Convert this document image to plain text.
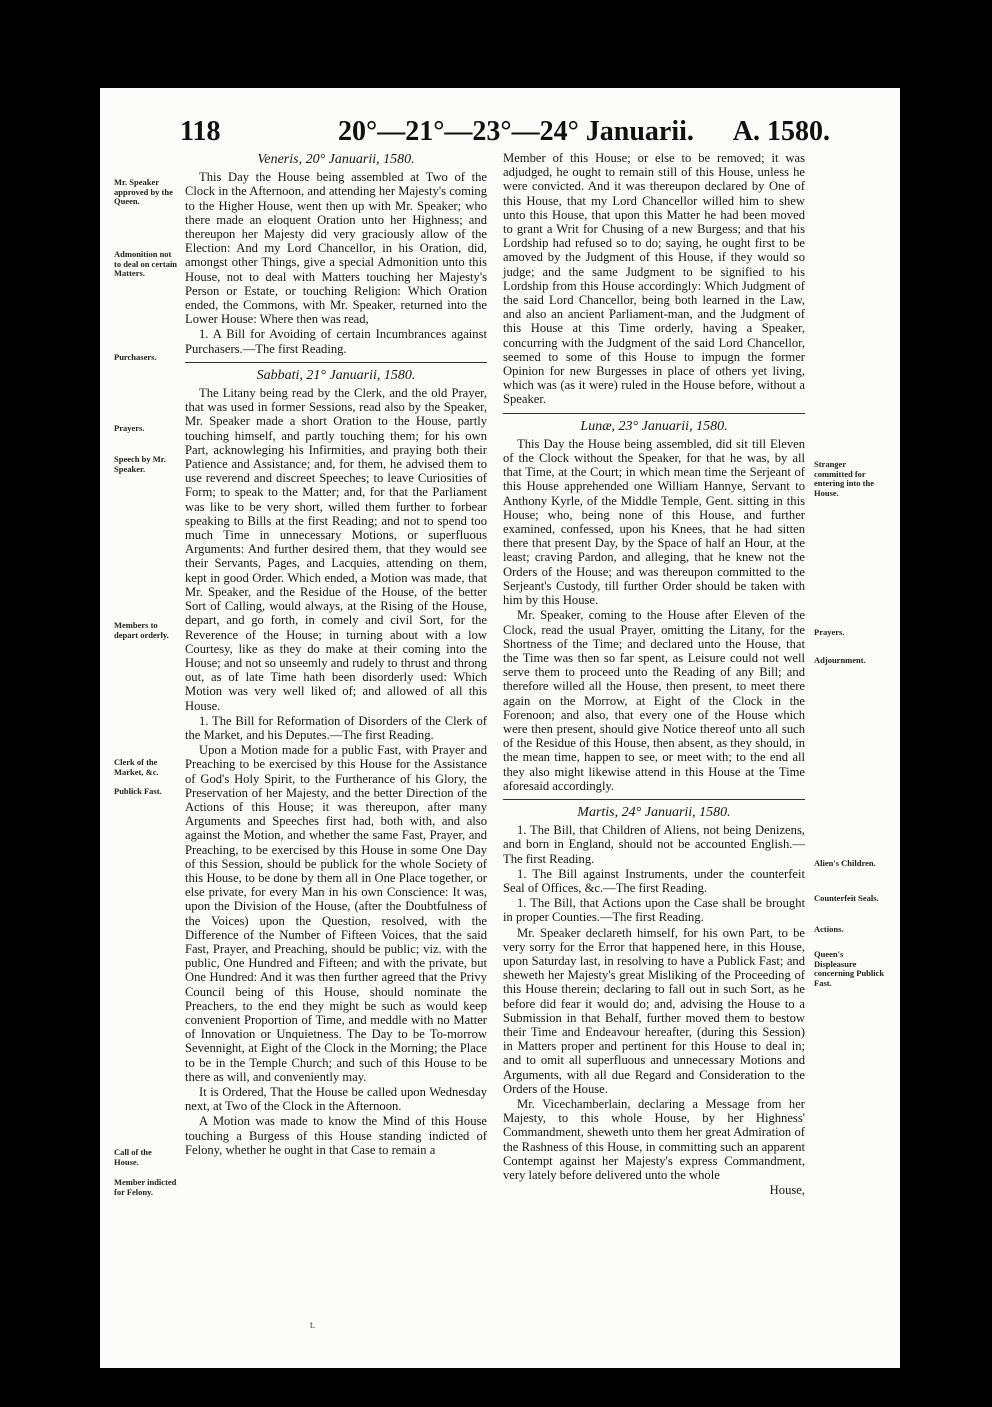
118	20°—21°—23°—24° Januarii. A. 1580.
Mr. Speaker approved by the Queen.
Admonition not to deal on certain Matters.
Purchasers.
Prayers.
Speech by Mr. Speaker.
Members to depart orderly.
Clerk of the Market, &c.
Publick Fast.
Call of the House.
Member indicted for Felony.
Stranger committed for entering into the House.
Prayers.
Adjournment.
Alien's Children.
Counterfeit Seals.
Actions.
Queen's Displeasure concerning Publick Fast.
Veneris, 20° Januarii, 1580.

This Day the House being assembled at Two of the Clock in the Afternoon, and attending her Majesty's coming to the Higher House, went then up with Mr. Speaker; who there made an eloquent Oration unto her Highness; and thereupon her Majesty did very graciously allow of the Election: And my Lord Chancellor, in his Oration, did, amongst other Things, give a special Admonition unto this House, not to deal with Matters touching her Majesty's Person or Estate, or touching Religion: Which Oration ended, the Commons, with Mr. Speaker, returned into the Lower House: Where then was read,

1. A Bill for Avoiding of certain Incumbrances against Purchasers.—The first Reading.

Sabbati, 21° Januarii, 1580.

The Litany being read by the Clerk, and the old Prayer, that was used in former Sessions, read also by the Speaker, Mr. Speaker made a short Oration to the House, partly touching himself, and partly touching them; for his own Part, acknowleging his Infirmities, and praying both their Patience and Assistance; and, for them, he advised them to use reverend and discreet Speeches; to leave Curiosities of Form; to speak to the Matter; and, for that the Parliament was like to be very short, willed them further to forbear speaking to Bills at the first Reading; and not to spend too much Time in unnecessary Motions, or superfluous Arguments: And further desired them, that they would see their Servants, Pages, and Lacquies, attending on them, kept in good Order. Which ended, a Motion was made, that Mr. Speaker, and the Residue of the House, of the better Sort of Calling, would always, at the Rising of the House, depart, and go forth, in comely and civil Sort, for the Reverence of the House; in turning about with a low Courtesy, like as they do make at their coming into the House; and not so unseemly and rudely to thrust and throng out, as of late Time hath been disorderly used: Which Motion was very well liked of; and allowed of all this House.

1. The Bill for Reformation of Disorders of the Clerk of the Market, and his Deputes.—The first Reading.

Upon a Motion made for a public Fast, with Prayer and Preaching to be exercised by this House for the Assistance of God's Holy Spirit, to the Furtherance of his Glory, the Preservation of her Majesty, and the better Direction of the Actions of this House; it was thereupon, after many Arguments and Speeches first had, both with, and also against the Motion, and whether the same Fast, Prayer, and Preaching, to be exercised by this House in some One Day of this Session, should be publick for the whole Society of this House, to be done by them all in One Place together, or else private, for every Man in his own Conscience: It was, upon the Division of the House, (after the Doubtfulness of the Voices) upon the Question, resolved, with the Difference of the Number of Fifteen Voices, that the said Fast, Prayer, and Preaching, should be public; viz. with the public, One Hundred and Fifteen; and with the private, but One Hundred: And it was then further agreed that the Privy Council being of this House, should nominate the Preachers, to the end they might be such as would keep convenient Proportion of Time, and meddle with no Matter of Innovation or Unquietness. The Day to be To-morrow Sevennight, at Eight of the Clock in the Morning; the Place to be in the Temple Church; and such of this House to be there as will, and conveniently may.

It is Ordered, That the House be called upon Wednesday next, at Two of the Clock in the Afternoon.

A Motion was made to know the Mind of this House touching a Burgess of this House standing indicted of Felony, whether he ought in that Case to remain a

Member of this House; or else to be removed; it was adjudged, he ought to remain still of this House, unless he were convicted. And it was thereupon declared by One of this House, that my Lord Chancellor willed him to shew unto this House, that upon this Matter he had been moved to grant a Writ for Chusing of a new Burgess; and that his Lordship had refused so to do; saying, he ought first to be amoved by the Judgment of this House, if they would so judge; and the same Judgment to be signified to his Lordship from this House accordingly: Which Judgment of the said Lord Chancellor, being both learned in the Law, and also an ancient Parliament-man, and the Judgment of this House at this Time orderly, having a Speaker, concurring with the Judgment of the said Lord Chancellor, seemed to some of this House to impugn the former Opinion for new Burgesses in place of others yet living, which was (as it were) ruled in the House before, without a Speaker.

Lunæ, 23° Januarii, 1580.

This Day the House being assembled, did sit till Eleven of the Clock without the Speaker, for that he was, by all that Time, at the Court; in which mean time the Serjeant of this House apprehended one William Hannye, Servant to Anthony Kyrle, of the Middle Temple, Gent. sitting in this House; who, being none of this House, and further examined, confessed, upon his Knees, that he had sitten there that present Day, by the Space of half an Hour, at the least; craving Pardon, and alleging, that he knew not the Orders of the House; and was thereupon committed to the Serjeant's Custody, till further Order should be taken with him by this House.

Mr. Speaker, coming to the House after Eleven of the Clock, read the usual Prayer, omitting the Litany, for the Shortness of the Time; and declared unto the House, that the Time was then so far spent, as Leisure could not well serve them to proceed unto the Reading of any Bill; and therefore willed all the House, then present, to meet there again on the Morrow, at Eight of the Clock in the Forenoon; and also, that every one of the House which were then present, should give Notice thereof unto all such of the Residue of this House, then absent, as they should, in the mean time, happen to see, or meet with; to the end all they also might likewise attend in this House at the Time aforesaid accordingly.

Martis, 24° Januarii, 1580.

1. The Bill, that Children of Aliens, not being Denizens, and born in England, should not be accounted English.—The first Reading.

1. The Bill against Instruments, under the counterfeit Seal of Offices, &c.—The first Reading.

1. The Bill, that Actions upon the Case shall be brought in proper Counties.—The first Reading.

Mr. Speaker declareth himself, for his own Part, to be very sorry for the Error that happened here, in this House, upon Saturday last, in resolving to have a Publick Fast; and sheweth her Majesty's great Misliking of the Proceeding of this House therein; declaring to fall out in such Sort, as he before did fear it would do; and, advising the House to a Submission in that Behalf, further moved them to bestow their Time and Endeavour hereafter, (during this Session) in Matters proper and pertinent for this House to deal in; and to omit all superfluous and unnecessary Motions and Arguments, with all due Regard and Consideration to the Orders of the House.

Mr. Vicechamberlain, declaring a Message from her Majesty, to this whole House, by her Highness' Commandment, sheweth unto them her great Admiration of the Rashness of this House, in committing such an apparent Contempt against her Majesty's express Commandment, very lately before delivered unto the whole

House,
t.
